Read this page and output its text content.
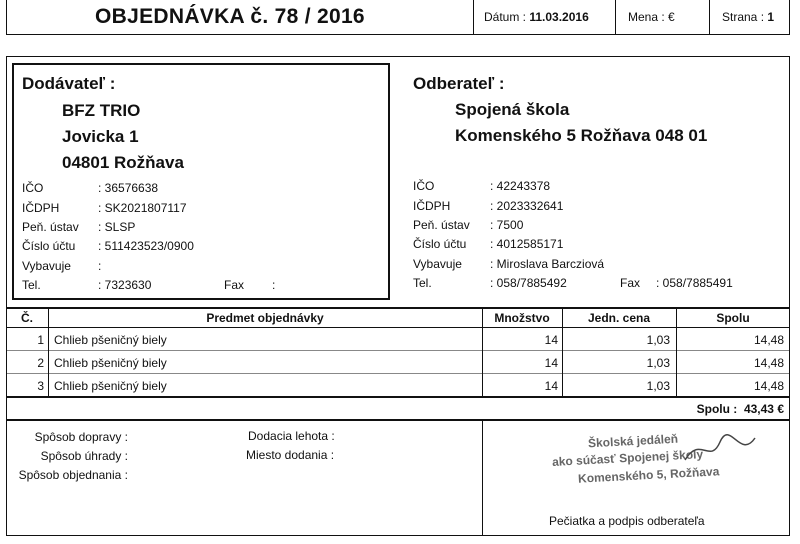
OBJEDNÁVKA č. 78 / 2016	Dátum :
11.03.2016	Mena :
€	Strana :
1
Dodávateľ :
BFZ TRIO
Jovicka 1
04801 Rožňava
IČO	: 36576638
IČDPH	: SK2021807117
Peň. ústav : SLSP
Číslo účtu : 511423523/0900
Vybavuje :
Tel.	: 7323630	Fax :
Odberateľ :
Spojená škola
Komenského 5 Rožňava 048 01
IČO	: 42243378
IČDPH	: 2023332641
Peň. ústav : 7500
Číslo účtu : 4012585171
Vybavuje : Miroslava Barcziová
Tel.	: 058/7885492	Fax : 058/7885491
Č.	Predmet objednávky	Množstvo	Jedn. cena	Spolu
1 Chlieb pšeničný biely	14	1,03	14,48
2 Chlieb pšeničný biely	14	1,03	14,48
3 Chlieb pšeničný biely	14	1,03	14,48
Spolu : 43,43 €
Spôsob dopravy :
Spôsob úhrady :
Spôsob objednania :
Dodacia lehota :
Miesto dodania :
Školská jedáleň
ako súčasť Spojenej školy
Komenského 5, Rožňava
Pečiatka a podpis odberateľa
